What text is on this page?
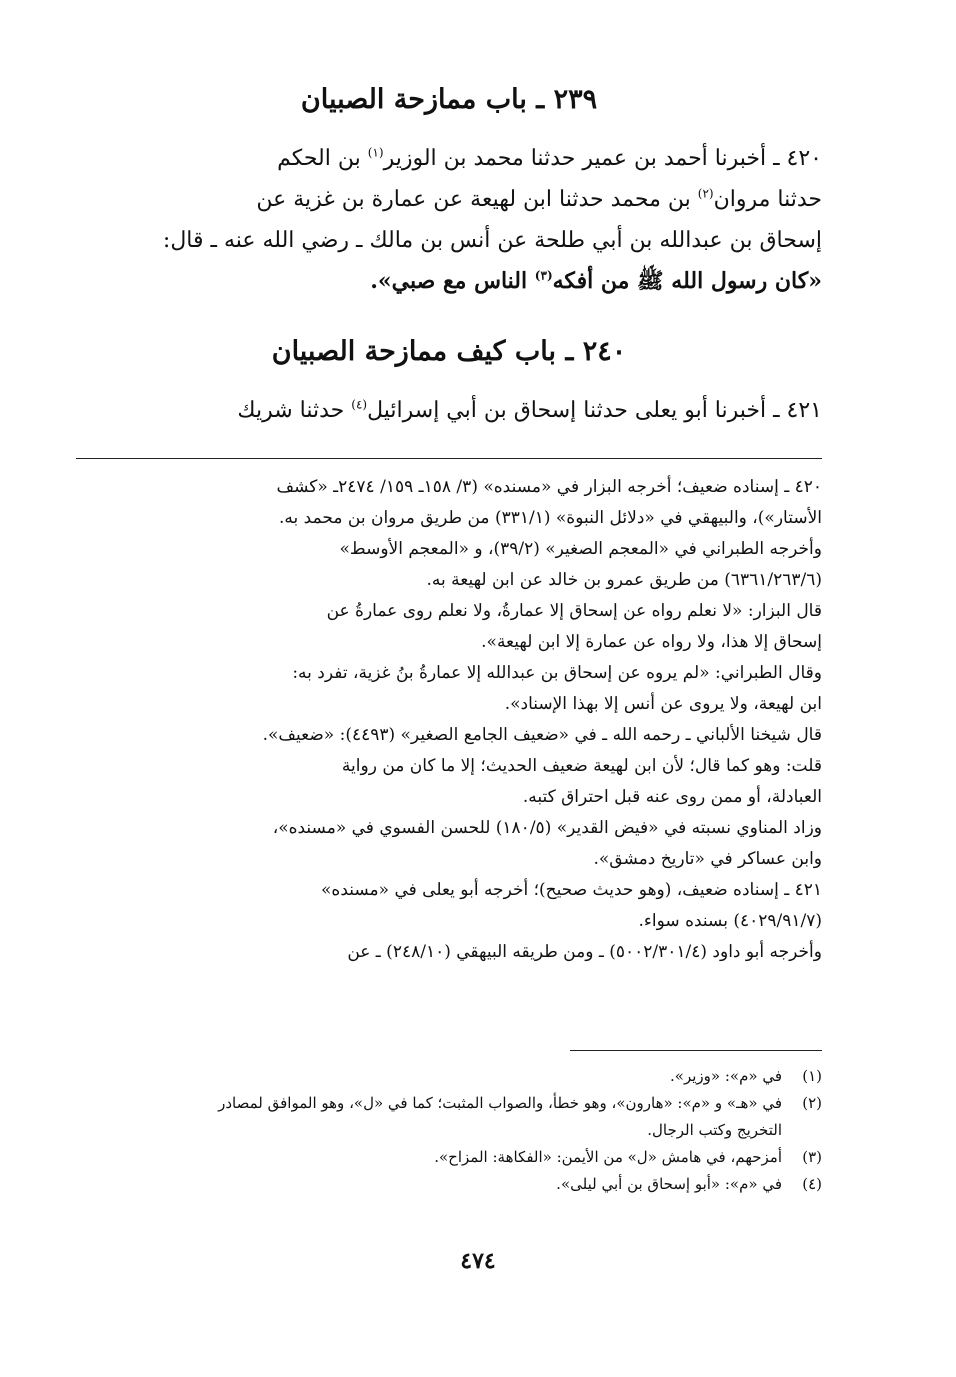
٢٣٩ ـ باب ممازحة الصبيان
٤٢٠ ـ أخبرنا أحمد بن عمير حدثنا محمد بن الوزير$^{(١)}$ بن الحكم
حدثنا مروان$^{(٢)}$ بن محمد حدثنا ابن لهيعة عن عمارة بن غزية عن
إسحاق بن عبدالله بن أبي طلحة عن أنس بن مالك ـ رضي الله عنه ـ قال:
«كان رسول الله ﷺ من أفكه$^{(٣)}$ الناس مع صبي».
٢٤٠ ـ باب كيف ممازحة الصبيان
٤٢١ ـ أخبرنا أبو يعلى حدثنا إسحاق بن أبي إسرائيل$^{(٤)}$ حدثنا شريك
٤٢٠ ـ إسناده ضعيف؛ أخرجه البزار في «مسنده» (٣/ ١٥٨ـ ١٥٩/ ٢٤٧٤ـ «كشف
الأستار»)، والبيهقي في «دلائل النبوة» (٣٣١/١) من طريق مروان بن محمد به.
وأخرجه الطبراني في «المعجم الصغير» (٣٩/٢)، و «المعجم الأوسط»
(٦٣٦١/٢٦٣/٦) من طريق عمرو بن خالد عن ابن لهيعة به.
قال البزار: «لا نعلم رواه عن إسحاق إلا عمارةُ، ولا نعلم روى عمارةُ عن
إسحاق إلا هذا، ولا رواه عن عمارة إلا ابن لهيعة».
وقال الطبراني: «لم يروه عن إسحاق بن عبدالله إلا عمارةُ بنُ غزية، تفرد به:
ابن لهيعة، ولا يروى عن أنس إلا بهذا الإسناد».
قال شيخنا الألباني ـ رحمه الله ـ في «ضعيف الجامع الصغير» (٤٤٩٣): «ضعيف».
قلت: وهو كما قال؛ لأن ابن لهيعة ضعيف الحديث؛ إلا ما كان من رواية
العبادلة، أو ممن روى عنه قبل احتراق كتبه.
وزاد المناوي نسبته في «فيض القدير» (١٨٠/٥) للحسن الفسوي في «مسنده»،
وابن عساكر في «تاريخ دمشق».
٤٢١ ـ إسناده ضعيف، (وهو حديث صحيح)؛ أخرجه أبو يعلى في «مسنده»
(٤٠٢٩/٩١/٧) بسنده سواء.
وأخرجه أبو داود (٥٠٠٢/٣٠١/٤) ـ ومن طريقه البيهقي (٢٤٨/١٠) ـ عن
(١)في «م»: «وزير».
(٢)في «هـ» و «م»: «هارون»، وهو خطأ، والصواب المثبت؛ كما في «ل»، وهو الموافق لمصادر
التخريج وكتب الرجال.
(٣)أمزحهم، في هامش «ل» من الأيمن: «الفكاهة: المزاح».
(٤)في «م»: «أبو إسحاق بن أبي ليلى».
٤٧٤
